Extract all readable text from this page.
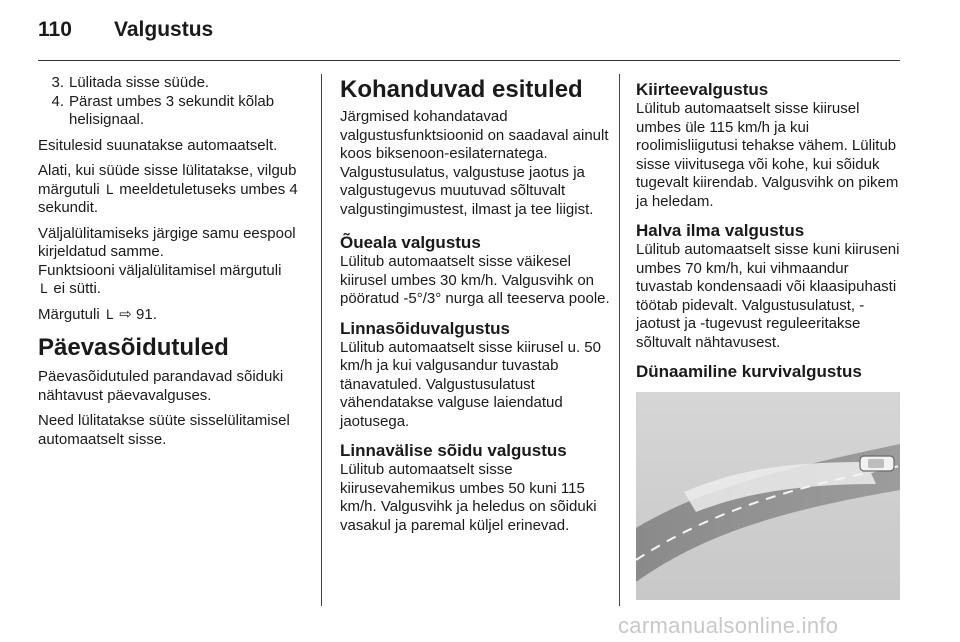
110 Valgustus
3. Lülitada sisse süüde.
4. Pärast umbes 3 sekundit kõlab helisignaal.

Esitulesid suunatakse automaatselt.

Alati, kui süüde sisse lülitatakse, vilgub märgutuli ᒪ meeldetuletuseks umbes 4 sekundit.

Väljalülitamiseks järgige samu eespool kirjeldatud samme.
Funktsiooni väljalülitamisel märgutuli
ᒪ ei sütti.

Märgutuli ᒪ ⇨ 91.

Päevasõidutuled

Päevasõidutuled parandavad sõiduki nähtavust päevavalguses.

Need lülitatakse süüte sisselülitamisel automaatselt sisse.

Kohanduvad esituled

Järgmised kohandatavad valgustusfunktsioonid on saadaval ainult koos biksenoon-esilaternatega. Valgustusulatus, valgustuse jaotus ja valgustugevus muutuvad sõltuvalt valgustingimustest, ilmast ja tee liigist.

Õueala valgustus
Lülitub automaatselt sisse väikesel kiirusel umbes 30 km/h. Valgusvihk on pööratud -5°/3° nurga all teeserva poole.
Linnasõiduvalgustus
Lülitub automaatselt sisse kiirusel u. 50 km/h ja kui valgusandur tuvastab tänavatuled. Valgustusulatust vähendatakse valguse laiendatud jaotusega.
Linnavälise sõidu valgustus
Lülitub automaatselt sisse kiirusevahemikus umbes 50 kuni 115 km/h. Valgusvihk ja heledus on sõiduki vasakul ja paremal küljel erinevad.
Kiirteevalgustus
Lülitub automaatselt sisse kiirusel umbes üle 115 km/h ja kui roolimisliigutusi tehakse vähem. Lülitub sisse viivitusega või kohe, kui sõiduk tugevalt kiirendab. Valgusvihk on pikem ja heledam.
Halva ilma valgustus
Lülitub automaatselt sisse kuni kiiruseni umbes 70 km/h, kui vihmaandur tuvastab kondensaadi või klaasipuhasti töötab pidevalt. Valgustusulatust, -jaotust ja -tugevust reguleeritakse sõltuvalt nähtavusest.
Dünaamiline kurvivalgustus
carmanualsonline.info
